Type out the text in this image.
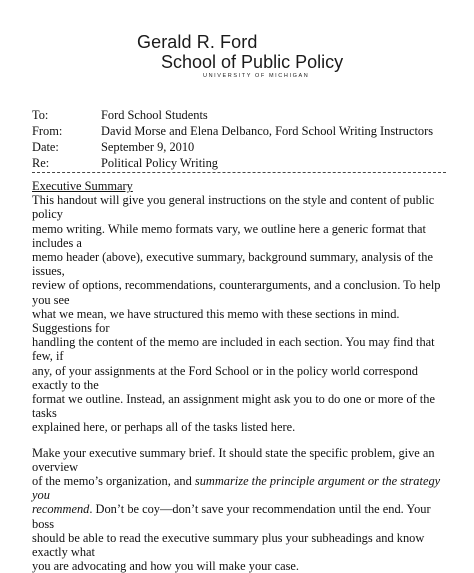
Gerald R. Ford
School of Public Policy
UNIVERSITY OF MICHIGAN
To:	Ford School Students
From:	David Morse and Elena Delbanco, Ford School Writing Instructors
Date:	September 9, 2010
Re:	Political Policy Writing
Executive Summary

This handout will give you general instructions on the style and content of public policy
memo writing. While memo formats vary, we outline here a generic format that includes a
memo header (above), executive summary, background summary, analysis of the issues,
review of options, recommendations, counterarguments, and a conclusion. To help you see
what we mean, we have structured this memo with these sections in mind. Suggestions for
handling the content of the memo are included in each section. You may find that few, if
any, of your assignments at the Ford School or in the policy world correspond exactly to the
format we outline. Instead, an assignment might ask you to do one or more of the tasks
explained here, or perhaps all of the tasks listed here.

Make your executive summary brief. It should state the specific problem, give an overview
of the memo’s organization, and summarize the principle argument or the strategy you
recommend. Don’t be coy—don’t save your recommendation until the end. Your boss
should be able to read the executive summary plus your subheadings and know exactly what
you are advocating and how you will make your case.
